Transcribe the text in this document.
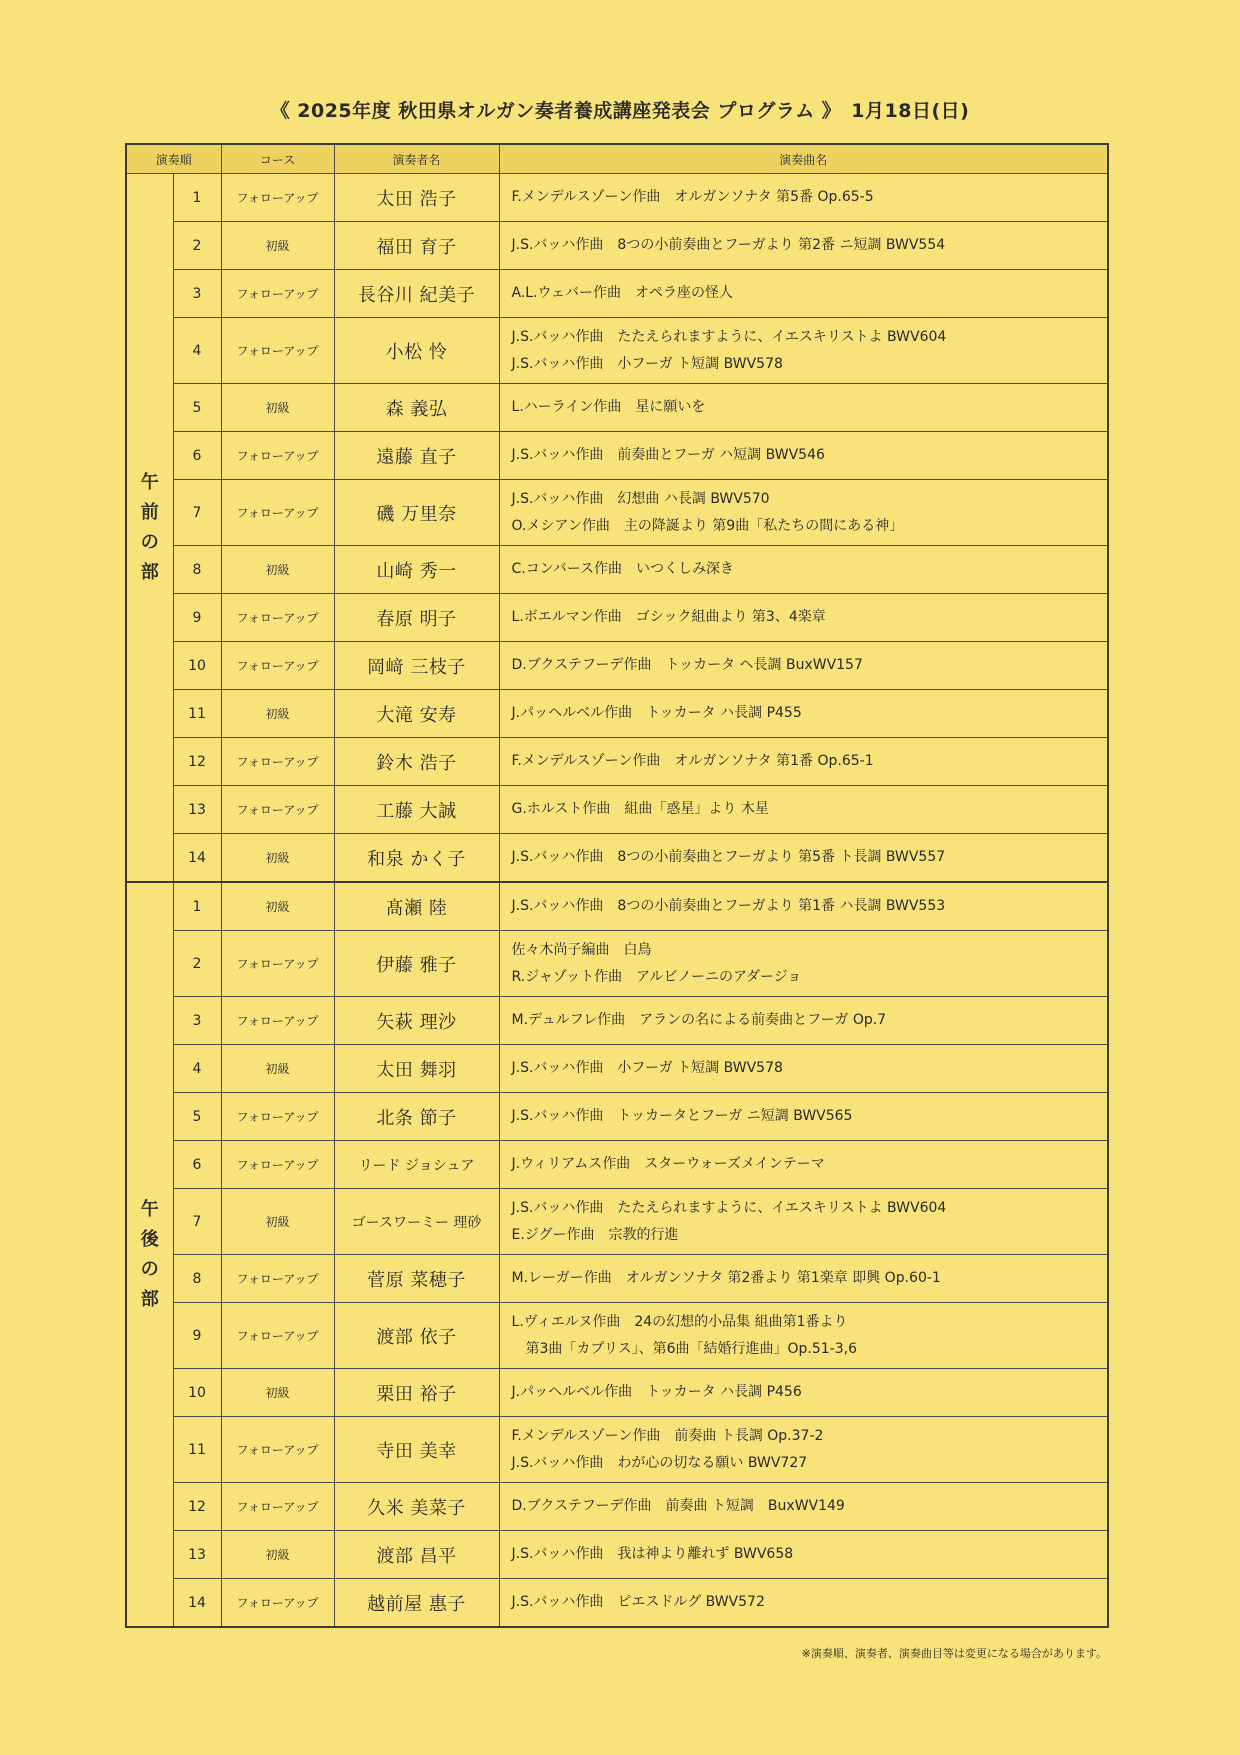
《 2025年度 秋田県オルガン奏者養成講座発表会 プログラム 》　1月18日(日)
演奏順		コース	演奏者名	演奏曲名
午前の部	1	フォローアップ	太田 浩子	F.メンデルスゾーン作曲　オルガンソナタ 第5番 Op.65-5

	2	初級	福田 育子	J.S.バッハ作曲　8つの小前奏曲とフーガより 第2番 ニ短調 BWV554

	3	フォローアップ	長谷川 紀美子	A.L.ウェバー作曲　オペラ座の怪人

	4	フォローアップ	小松 怜	J.S.バッハ作曲　たたえられますように、イエスキリストよ BWV604
J.S.バッハ作曲　小フーガ ト短調 BWV578

	5	初級	森 義弘	L.ハーライン作曲　星に願いを

	6	フォローアップ	遠藤 直子	J.S.バッハ作曲　前奏曲とフーガ ハ短調 BWV546

	7	フォローアップ	磯 万里奈	J.S.バッハ作曲　幻想曲 ハ長調 BWV570
O.メシアン作曲　主の降誕より 第9曲「私たちの間にある神」

	8	初級	山崎 秀一	C.コンバース作曲　いつくしみ深き

	9	フォローアップ	春原 明子	L.ボエルマン作曲　ゴシック組曲より 第3、4楽章

	10	フォローアップ	岡﨑 三枝子	D.ブクステフーデ作曲　トッカータ ヘ長調 BuxWV157

	11	初級	大滝 安寿	J.パッヘルベル作曲　トッカータ ハ長調 P455

	12	フォローアップ	鈴木 浩子	F.メンデルスゾーン作曲　オルガンソナタ 第1番 Op.65-1

	13	フォローアップ	工藤 大誠	G.ホルスト作曲　組曲「惑星」より 木星

	14	初級	和泉 かく子	J.S.バッハ作曲　8つの小前奏曲とフーガより 第5番 ト長調 BWV557

午後の部	1	初級	髙瀬 陸	J.S.バッハ作曲　8つの小前奏曲とフーガより 第1番 ハ長調 BWV553

	2	フォローアップ	伊藤 雅子	佐々木尚子編曲　白鳥
R.ジャゾット作曲　アルビノーニのアダージョ

	3	フォローアップ	矢萩 理沙	M.デュルフレ作曲　アランの名による前奏曲とフーガ Op.7

	4	初級	太田 舞羽	J.S.バッハ作曲　小フーガ ト短調 BWV578

	5	フォローアップ	北条 節子	J.S.バッハ作曲　トッカータとフーガ ニ短調 BWV565

	6	フォローアップ	リード ジョシュア	J.ウィリアムス作曲　スターウォーズメインテーマ

	7	初級	ゴースワーミー 理砂	J.S.バッハ作曲　たたえられますように、イエスキリストよ BWV604
E.ジグー作曲　宗教的行進

	8	フォローアップ	菅原 菜穂子	M.レーガー作曲　オルガンソナタ 第2番より 第1楽章 即興 Op.60-1

	9	フォローアップ	渡部 依子	L.ヴィエルヌ作曲　24の幻想的小品集 組曲第1番より
　第3曲「カプリス」、第6曲「結婚行進曲」Op.51-3,6

	10	初級	栗田 裕子	J.パッヘルベル作曲　トッカータ ハ長調 P456

	11	フォローアップ	寺田 美幸	F.メンデルスゾーン作曲　前奏曲 ト長調 Op.37-2
J.S.バッハ作曲　わが心の切なる願い BWV727

	12	フォローアップ	久米 美菜子	D.ブクステフーデ作曲　前奏曲 ト短調　BuxWV149

	13	初級	渡部 昌平	J.S.バッハ作曲　我は神より離れず BWV658

	14	フォローアップ	越前屋 惠子	J.S.バッハ作曲　ピエスドルグ BWV572
※演奏順、演奏者、演奏曲目等は変更になる場合があります。
